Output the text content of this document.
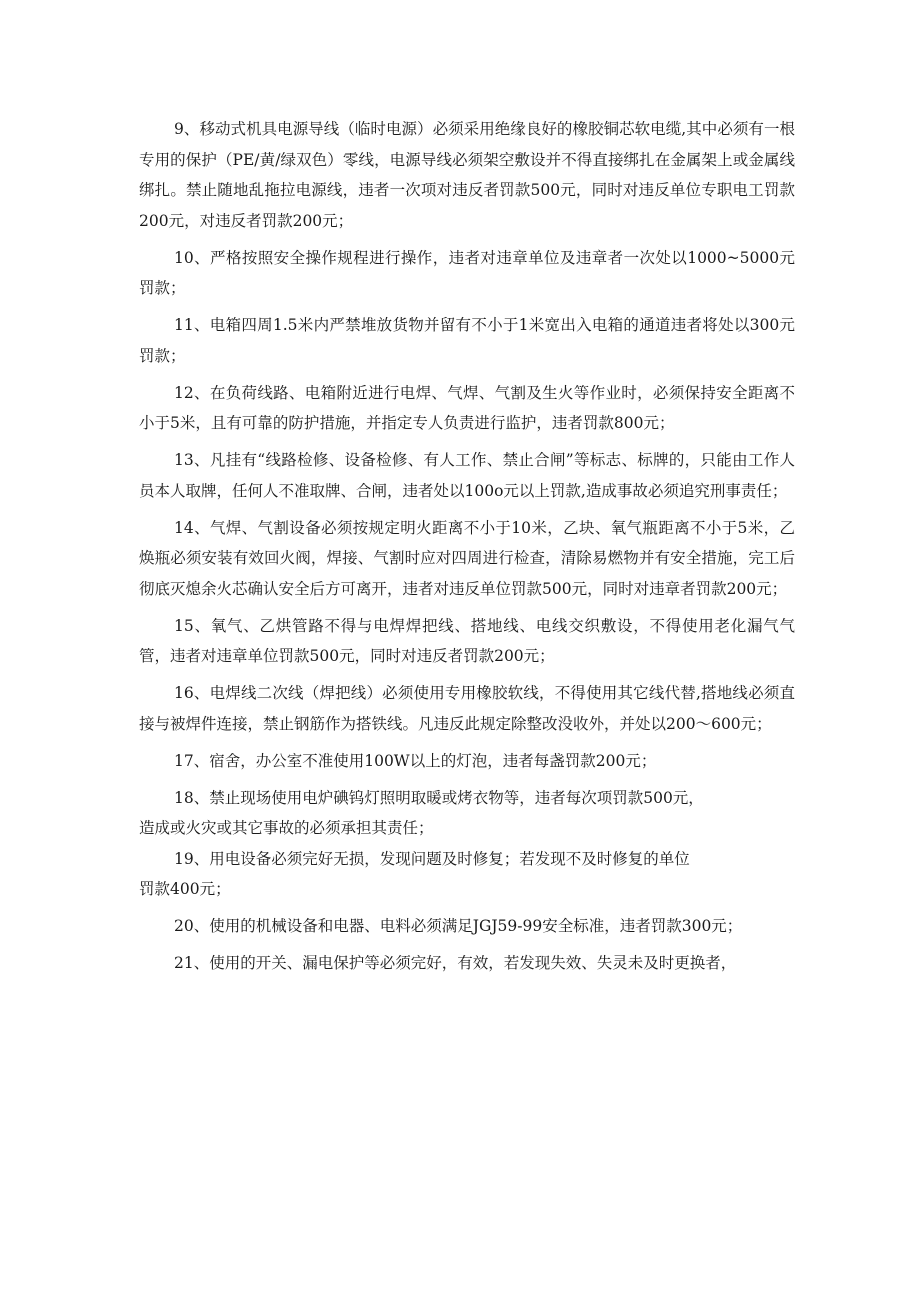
9、移动式机具电源导线（临时电源）必须采用绝缘良好的橡胶铜芯软电缆,其中必须有一根专用的保护（PE/黄/绿双色）零线，电源导线必须架空敷设并不得直接绑扎在金属架上或金属线绑扎。禁止随地乱拖拉电源线，违者一次项对违反者罚款500元，同时对违反单位专职电工罚款200元，对违反者罚款200元；

10、严格按照安全操作规程进行操作，违者对违章单位及违章者一次处以1000~5000元罚款；

11、电箱四周1.5米内严禁堆放货物并留有不小于1米宽出入电箱的通道违者将处以300元罚款；

12、在负荷线路、电箱附近进行电焊、气焊、气割及生火等作业时，必须保持安全距离不小于5米，且有可靠的防护措施，并指定专人负责进行监护，违者罚款800元；

13、凡挂有“线路检修、设备检修、有人工作、禁止合闸”等标志、标牌的，只能由工作人员本人取牌，任何人不准取牌、合闸，违者处以100o元以上罚款,造成事故必须追究刑事责任；

14、气焊、气割设备必须按规定明火距离不小于10米，乙块、氧气瓶距离不小于5米，乙焕瓶必须安装有效回火阀，焊接、气割时应对四周进行检查，清除易燃物并有安全措施，完工后彻底灭熄余火芯确认安全后方可离开，违者对违反单位罚款500元，同时对违章者罚款200元；

15、氧气、乙烘管路不得与电焊焊把线、搭地线、电线交织敷设，不得使用老化漏气气管，违者对违章单位罚款500元，同时对违反者罚款200元；

16、电焊线二次线（焊把线）必须使用专用橡胶软线，不得使用其它线代替,搭地线必须直接与被焊件连接，禁止钢筋作为搭铁线。凡违反此规定除整改没收外，并处以200～600元；

17、宿舍，办公室不准使用100W以上的灯泡，违者每盏罚款200元；

18、禁止现场使用电炉碘钨灯照明取暖或烤衣物等，违者每次项罚款500元，

造成或火灾或其它事故的必须承担其责任；

19、用电设备必须完好无损，发现问题及时修复；若发现不及时修复的单位

罚款400元；

20、使用的机械设备和电器、电料必须满足JGJ59-99安全标准，违者罚款300元；

21、使用的开关、漏电保护等必须完好，有效，若发现失效、失灵未及时更换者，
